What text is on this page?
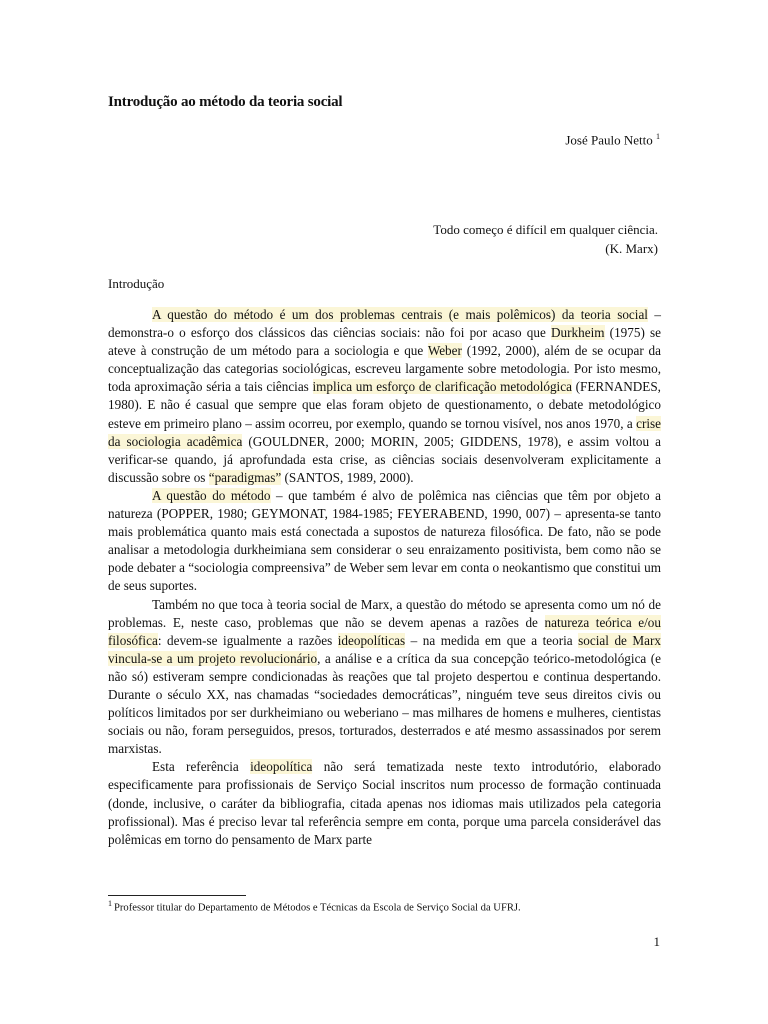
Introdução ao método da teoria social
José Paulo Netto $^1$
Todo começo é difícil em qualquer ciência.
(K. Marx)
Introdução

A questão do método é um dos problemas centrais (e mais polêmicos) da teoria social – demonstra-o o esforço dos clássicos das ciências sociais: não foi por acaso que Durkheim (1975) se ateve à construção de um método para a sociologia e que Weber (1992, 2000), além de se ocupar da conceptualização das categorias sociológicas, escreveu largamente sobre metodologia. Por isto mesmo, toda aproximação séria a tais ciências implica um esforço de clarificação metodológica (FERNANDES, 1980). E não é casual que sempre que elas foram objeto de questionamento, o debate metodológico esteve em primeiro plano – assim ocorreu, por exemplo, quando se tornou visível, nos anos 1970, a crise da sociologia acadêmica (GOULDNER, 2000; MORIN, 2005; GIDDENS, 1978), e assim voltou a verificar-se quando, já aprofundada esta crise, as ciências sociais desenvolveram explicitamente a discussão sobre os “paradigmas” (SANTOS, 1989, 2000).

A questão do método – que também é alvo de polêmica nas ciências que têm por objeto a natureza (POPPER, 1980; GEYMONAT, 1984-1985; FEYERABEND, 1990, 007) – apresenta-se tanto mais problemática quanto mais está conectada a supostos de natureza filosófica. De fato, não se pode analisar a metodologia durkheimiana sem considerar o seu enraizamento positivista, bem como não se pode debater a “sociologia compreensiva” de Weber sem levar em conta o neokantismo que constitui um de seus suportes.

Também no que toca à teoria social de Marx, a questão do método se apresenta como um nó de problemas. E, neste caso, problemas que não se devem apenas a razões de natureza teórica e/ou filosófica: devem-se igualmente a razões ideopolíticas – na medida em que a teoria social de Marx vincula-se a um projeto revolucionário, a análise e a crítica da sua concepção teórico-metodológica (e não só) estiveram sempre condicionadas às reações que tal projeto despertou e continua despertando. Durante o século XX, nas chamadas “sociedades democráticas”, ninguém teve seus direitos civis ou políticos limitados por ser durkheimiano ou weberiano – mas milhares de homens e mulheres, cientistas sociais ou não, foram perseguidos, presos, torturados, desterrados e até mesmo assassinados por serem marxistas.

Esta referência ideopolítica não será tematizada neste texto introdutório, elaborado especificamente para profissionais de Serviço Social inscritos num processo de formação continuada (donde, inclusive, o caráter da bibliografia, citada apenas nos idiomas mais utilizados pela categoria profissional). Mas é preciso levar tal referência sempre em conta, porque uma parcela considerável das polêmicas em torno do pensamento de Marx parte

$^1$ Professor titular do Departamento de Métodos e Técnicas da Escola de Serviço Social da UFRJ.
1
